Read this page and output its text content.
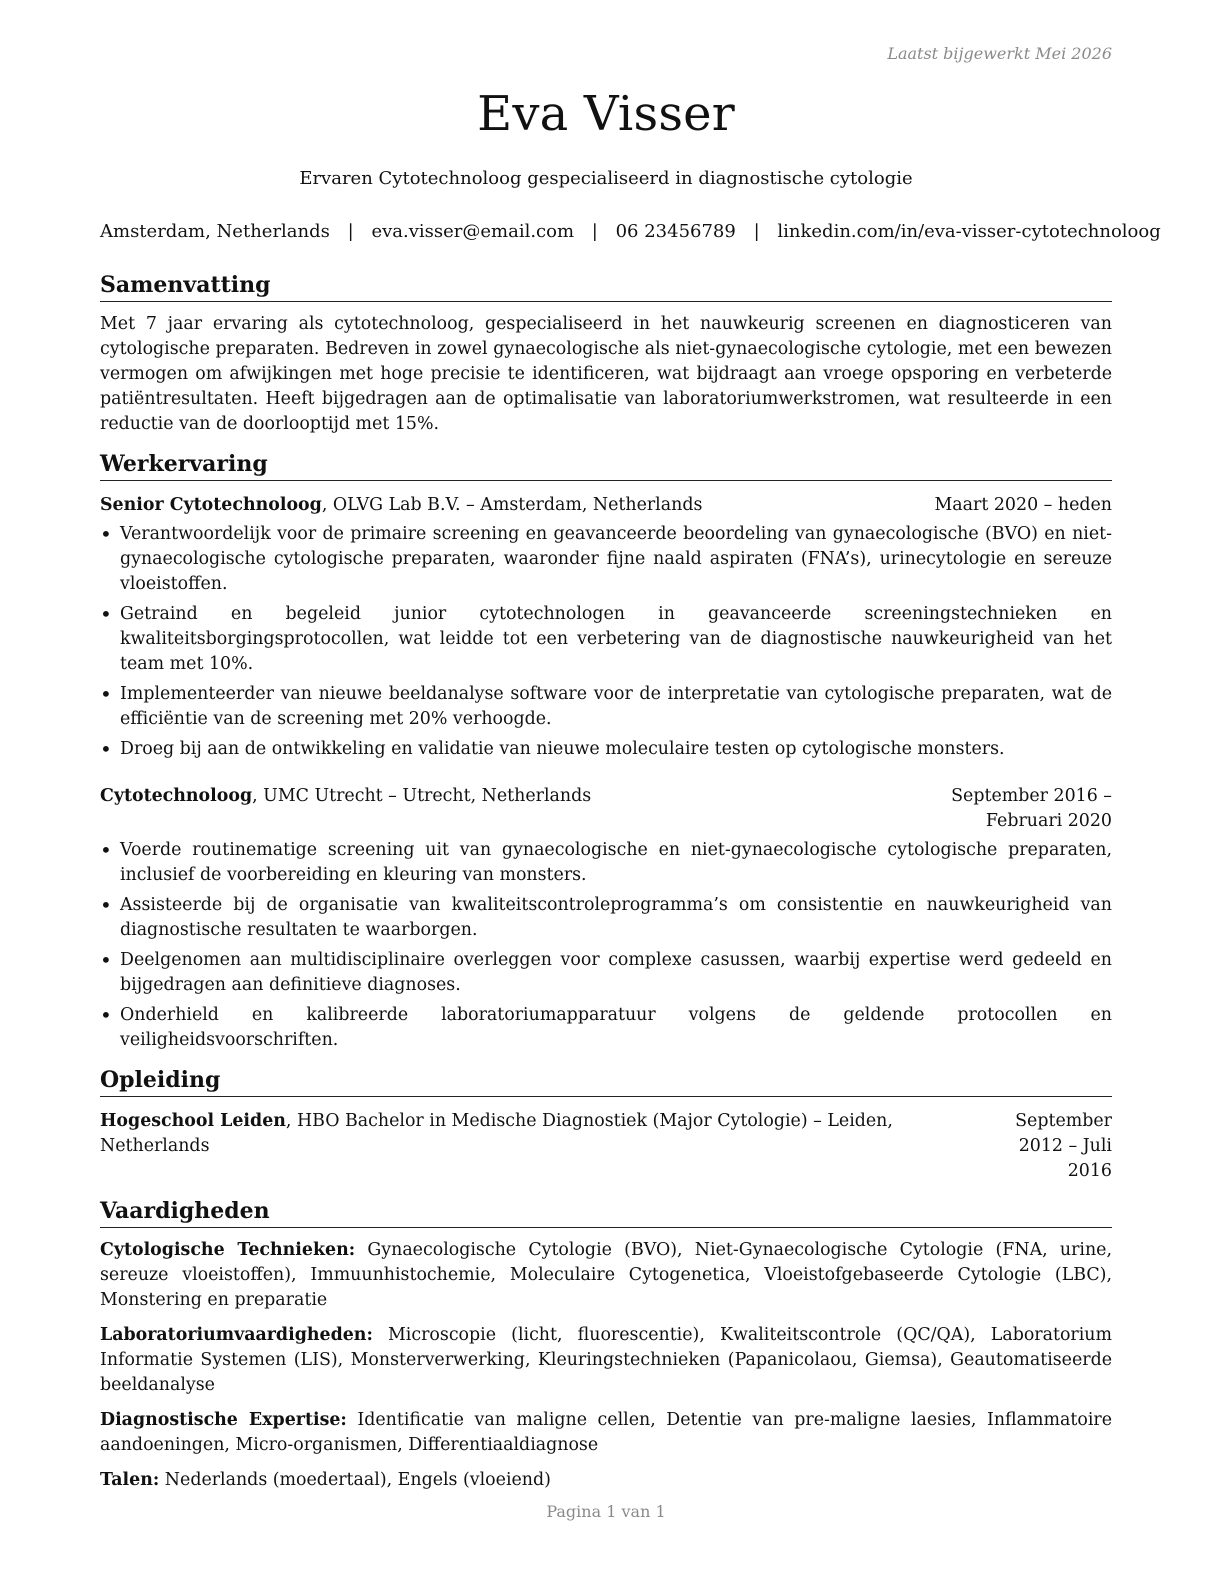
Laatst bijgewerkt Mei 2026
Eva Visser
Ervaren Cytotechnoloog gespecialiseerd in diagnostische cytologie
Amsterdam, Netherlands | eva.visser@email.com | 06 23456789 | linkedin.com/in/eva-visser-cytotechnoloog
Samenvatting

Met 7 jaar ervaring als cytotechnoloog, gespecialiseerd in het nauwkeurig screenen en diagnosticeren van cytologische preparaten. Bedreven in zowel gynaecologische als niet-gynaecologische cytologie, met een bewezen vermogen om afwijkingen met hoge precisie te identificeren, wat bijdraagt aan vroege opsporing en verbeterde patiëntresultaten. Heeft bijgedragen aan de optimalisatie van laboratoriumwerkstromen, wat resulteerde in een reductie van de doorlooptijd met 15%.

Werkervaring
Senior Cytotechnoloog, OLVG Lab B.V. – Amsterdam, Netherlands	Maart 2020 – heden
• Verantwoordelijk voor de primaire screening en geavanceerde beoordeling van gynaecologische (BVO) en niet-gynaecologische cytologische preparaten, waaronder fijne naald aspiraten (FNA’s), urinecytologie en sereuze vloeistoffen.
• Getraind en begeleid junior cytotechnologen in geavanceerde screeningstechnieken en kwaliteitsborgingsprotocollen, wat leidde tot een verbetering van de diagnostische nauwkeurigheid van het team met 10%.
• Implementeerder van nieuwe beeldanalyse software voor de interpretatie van cytologische preparaten, wat de efficiëntie van de screening met 20% verhoogde.
• Droeg bij aan de ontwikkeling en validatie van nieuwe moleculaire testen op cytologische monsters.
Cytotechnoloog, UMC Utrecht – Utrecht, Netherlands	September 2016 – Februari 2020
• Voerde routinematige screening uit van gynaecologische en niet-gynaecologische cytologische preparaten, inclusief de voorbereiding en kleuring van monsters.
• Assisteerde bij de organisatie van kwaliteitscontroleprogramma’s om consistentie en nauwkeurigheid van diagnostische resultaten te waarborgen.
• Deelgenomen aan multidisciplinaire overleggen voor complexe casussen, waarbij expertise werd gedeeld en bijgedragen aan definitieve diagnoses.
• Onderhield en kalibreerde laboratoriumapparatuur volgens de geldende protocollen en veiligheidsvoorschriften.
Opleiding
Hogeschool Leiden, HBO Bachelor in Medische Diagnostiek (Major Cytologie) – Leiden, Netherlands
September 2012 – Juli 2016
Vaardigheden

Cytologische Technieken: Gynaecologische Cytologie (BVO), Niet-Gynaecologische Cytologie (FNA, urine, sereuze vloeistoffen), Immuunhistochemie, Moleculaire Cytogenetica, Vloeistofgebaseerde Cytologie (LBC), Monstering en preparatie

Laboratoriumvaardigheden: Microscopie (licht, fluorescentie), Kwaliteitscontrole (QC/QA), Laboratorium Informatie Systemen (LIS), Monsterverwerking, Kleuringstechnieken (Papanicolaou, Giemsa), Geautomatiseerde beeldanalyse

Diagnostische Expertise: Identificatie van maligne cellen, Detentie van pre-maligne laesies, Inflammatoire aandoeningen, Micro-organismen, Differentiaaldiagnose

Talen: Nederlands (moedertaal), Engels (vloeiend)

Pagina 1 van 1
